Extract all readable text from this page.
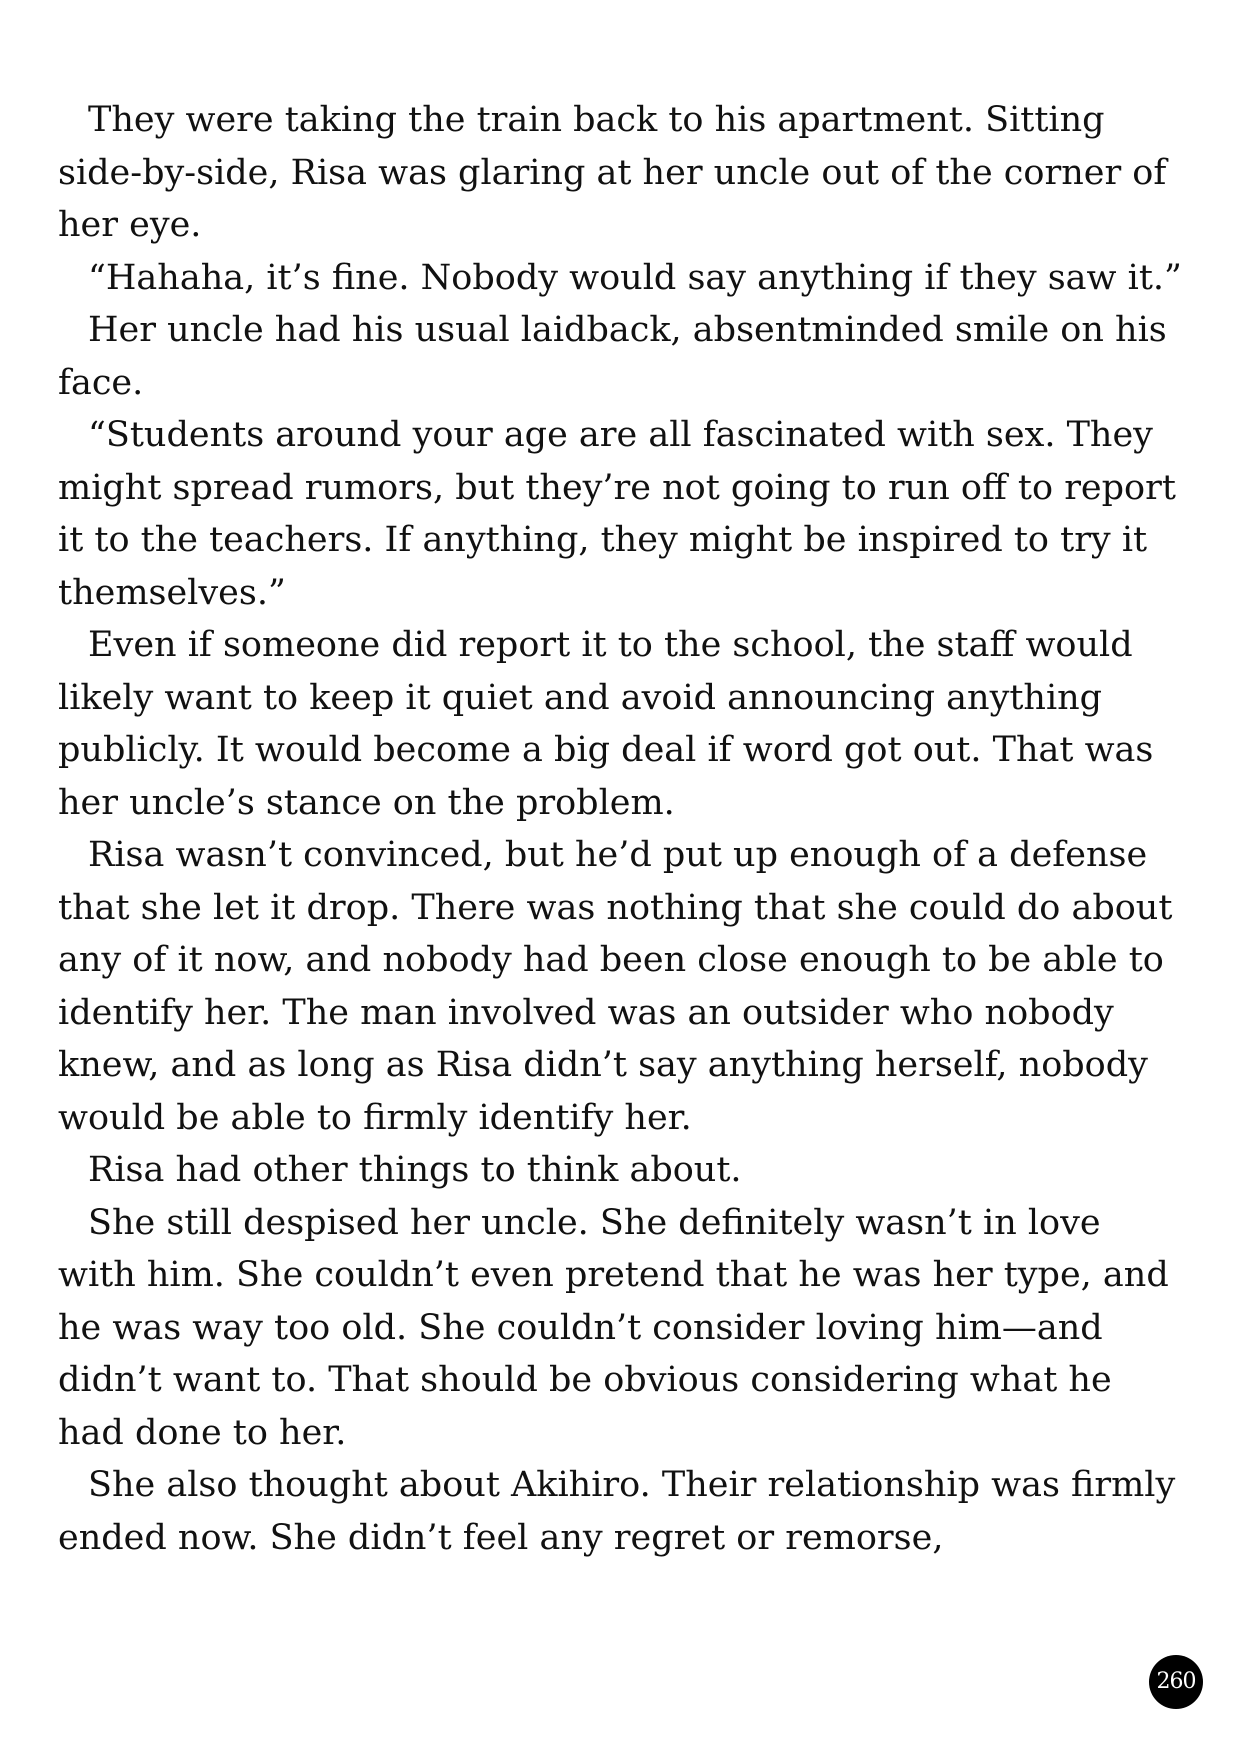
They were taking the train back to his apartment. Sitting side-by-side, Risa was glaring at her uncle out of the corner of her eye.

“Hahaha, it’s fine. Nobody would say anything if they saw it.”

Her uncle had his usual laidback, absentminded smile on his face.

“Students around your age are all fascinated with sex. They might spread rumors, but they’re not going to run off to report it to the teachers. If anything, they might be inspired to try it themselves.”

Even if someone did report it to the school, the staff would likely want to keep it quiet and avoid announcing anything publicly. It would become a big deal if word got out. That was her uncle’s stance on the problem.

Risa wasn’t convinced, but he’d put up enough of a defense that she let it drop. There was nothing that she could do about any of it now, and nobody had been close enough to be able to identify her. The man involved was an outsider who nobody knew, and as long as Risa didn’t say anything herself, nobody would be able to firmly identify her.

Risa had other things to think about.

She still despised her uncle. She definitely wasn’t in love with him. She couldn’t even pretend that he was her type, and he was way too old. She couldn’t consider loving him—and didn’t want to. That should be obvious considering what he had done to her.

She also thought about Akihiro. Their relationship was firmly ended now. She didn’t feel any regret or remorse,

260
